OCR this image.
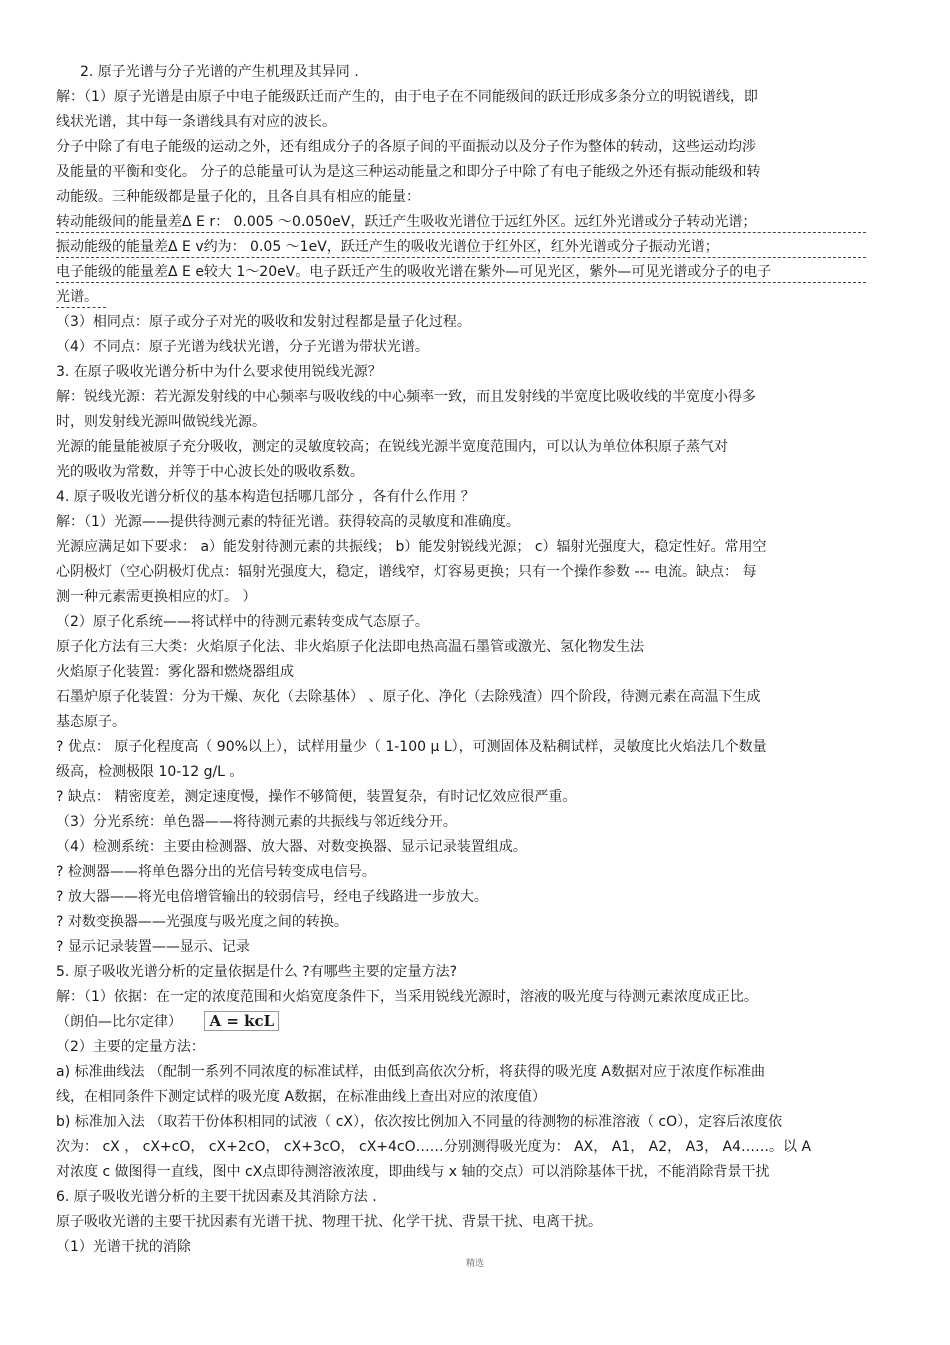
2. 原子光谱与分子光谱的产生机理及其异同 .
解：（1）原子光谱是由原子中电子能级跃迁而产生的，由于电子在不同能级间的跃迁形成多条分立的明锐谱线，即
线状光谱，其中每一条谱线具有对应的波长。
分子中除了有电子能级的运动之外，还有组成分子的各原子间的平面振动以及分子作为整体的转动，这些运动均涉
及能量的平衡和变化。 分子的总能量可认为是这三种运动能量之和即分子中除了有电子能级之外还有振动能级和转
动能级。三种能级都是量子化的，且各自具有相应的能量：
转动能级间的能量差Δ E r： 0.005 ～0.050eV，跃迁产生吸收光谱位于远红外区。远红外光谱或分子转动光谱；
振动能级的能量差Δ E v约为： 0.05 ～1eV，跃迁产生的吸收光谱位于红外区，红外光谱或分子振动光谱；
电子能级的能量差Δ E e较大 1～20eV。电子跃迁产生的吸收光谱在紫外—可见光区，紫外—可见光谱或分子的电子
光谱。
（3）相同点：原子或分子对光的吸收和发射过程都是量子化过程。
（4）不同点：原子光谱为线状光谱，分子光谱为带状光谱。
3. 在原子吸收光谱分析中为什么要求使用锐线光源？
解：锐线光源：若光源发射线的中心频率与吸收线的中心频率一致，而且发射线的半宽度比吸收线的半宽度小得多
时，则发射线光源叫做锐线光源。
光源的能量能被原子充分吸收，测定的灵敏度较高；在锐线光源半宽度范围内，可以认为单位体积原子蒸气对
光的吸收为常数，并等于中心波长处的吸收系数。
4. 原子吸收光谱分析仪的基本构造包括哪几部分 ，各有什么作用 ？
解：（1）光源——提供待测元素的特征光谱。获得较高的灵敏度和准确度。
光源应满足如下要求： a）能发射待测元素的共振线； b）能发射锐线光源； c）辐射光强度大，稳定性好。常用空
心阴极灯（空心阴极灯优点：辐射光强度大，稳定，谱线窄，灯容易更换；只有一个操作参数 --- 电流。缺点： 每
测一种元素需更换相应的灯。 ）
（2）原子化系统——将试样中的待测元素转变成气态原子。
原子化方法有三大类：火焰原子化法、非火焰原子化法即电热高温石墨管或激光、氢化物发生法
火焰原子化装置：雾化器和燃烧器组成
石墨炉原子化装置：分为干燥、灰化（去除基体） 、原子化、净化（去除残渣）四个阶段，待测元素在高温下生成
基态原子。
? 优点： 原子化程度高（ 90%以上），试样用量少（ 1-100 μ L），可测固体及粘稠试样，灵敏度比火焰法几个数量
级高，检测极限 10-12 g/L 。
? 缺点： 精密度差，测定速度慢，操作不够简便，装置复杂，有时记忆效应很严重。
（3）分光系统：单色器——将待测元素的共振线与邻近线分开。
（4）检测系统：主要由检测器、放大器、对数变换器、显示记录装置组成。
? 检测器——将单色器分出的光信号转变成电信号。
? 放大器——将光电倍增管输出的较弱信号，经电子线路进一步放大。
? 对数变换器——光强度与吸光度之间的转换。
? 显示记录装置——显示、记录
5. 原子吸收光谱分析的定量依据是什么 ?有哪些主要的定量方法?
解：（1）依据：在一定的浓度范围和火焰宽度条件下，当采用锐线光源时，溶液的吸光度与待测元素浓度成正比。
（朗伯—比尔定律） A = kcL
（2）主要的定量方法：
a) 标准曲线法 （配制一系列不同浓度的标准试样，由低到高依次分析，将获得的吸光度 A数据对应于浓度作标准曲
线，在相同条件下测定试样的吸光度 A数据，在标准曲线上查出对应的浓度值）
b) 标准加入法 （取若干份体积相同的试液（ cX），依次按比例加入不同量的待测物的标准溶液（ cO），定容后浓度依
次为： cX ， cX+cO， cX+2cO， cX+3cO， cX+4cO……分别测得吸光度为： AX， A1， A2， A3， A4……。以 A
对浓度 c 做图得一直线，图中 cX点即待测溶液浓度，即曲线与 x 轴的交点）可以消除基体干扰，不能消除背景干扰
6. 原子吸收光谱分析的主要干扰因素及其消除方法 .
原子吸收光谱的主要干扰因素有光谱干扰、物理干扰、化学干扰、背景干扰、电离干扰。
（1）光谱干扰的消除
精选
